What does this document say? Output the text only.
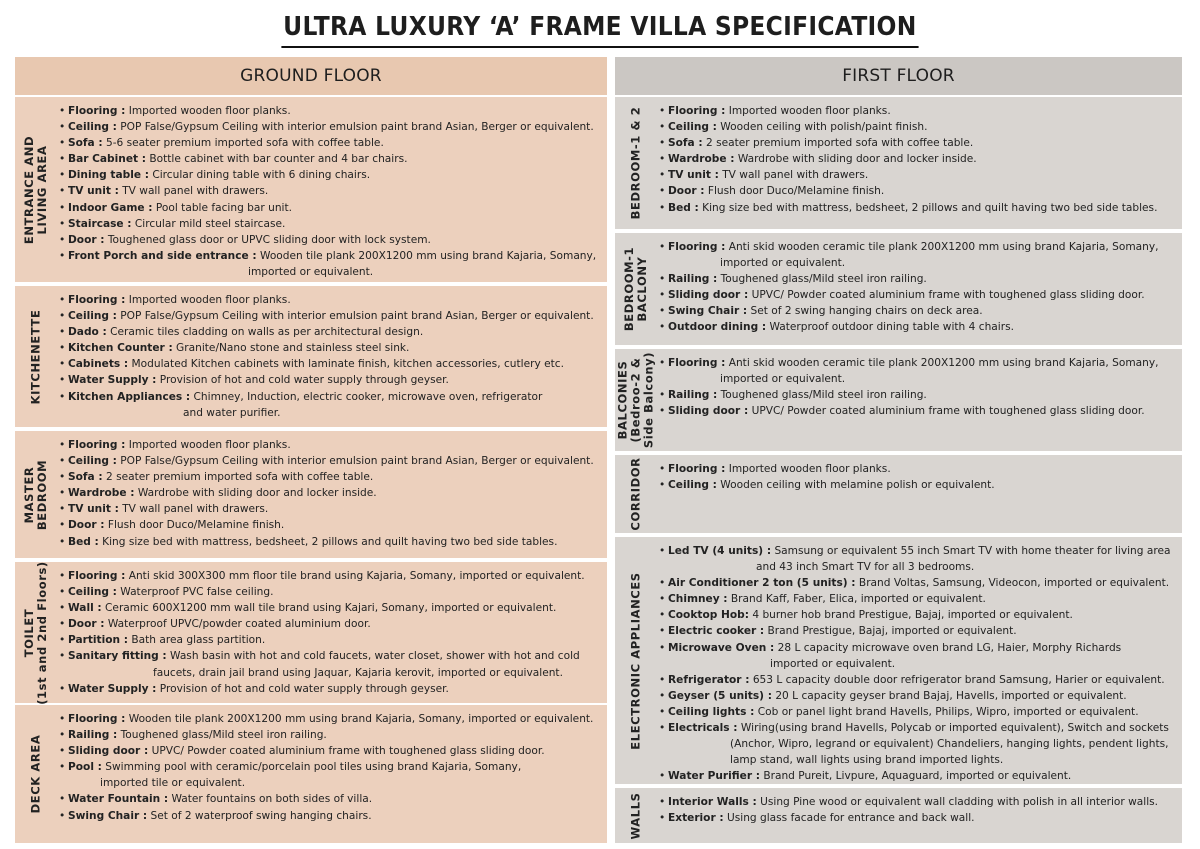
ULTRA LUXURY ‘A’ FRAME VILLA SPECIFICATION
GROUND FLOOR
ENTRANCE AND LIVING AREA
• Flooring : Imported wooden floor planks.
• Ceiling : POP False/Gypsum Ceiling with interior emulsion paint brand Asian, Berger or equivalent.
• Sofa : 5-6 seater premium imported sofa with coffee table.
• Bar Cabinet : Bottle cabinet with bar counter and 4 bar chairs.
• Dining table : Circular dining table with 6 dining chairs.
• TV unit : TV wall panel with drawers.
• Indoor Game : Pool table facing bar unit.
• Staircase : Circular mild steel staircase.
• Door : Toughened glass door or UPVC sliding door with lock system.
• Front Porch and side entrance : Wooden tile plank 200X1200 mm using brand Kajaria, Somany,
imported or equivalent.
KITCHENETTE
• Flooring : Imported wooden floor planks.
• Ceiling : POP False/Gypsum Ceiling with interior emulsion paint brand Asian, Berger or equivalent.
• Dado : Ceramic tiles cladding on walls as per architectural design.
• Kitchen Counter : Granite/Nano stone and stainless steel sink.
• Cabinets : Modulated Kitchen cabinets with laminate finish, kitchen accessories, cutlery etc.
• Water Supply : Provision of hot and cold water supply through geyser.
• Kitchen Appliances : Chimney, Induction, electric cooker, microwave oven, refrigerator
and water purifier.
MASTER BEDROOM
• Flooring : Imported wooden floor planks.
• Ceiling : POP False/Gypsum Ceiling with interior emulsion paint brand Asian, Berger or equivalent.
• Sofa : 2 seater premium imported sofa with coffee table.
• Wardrobe : Wardrobe with sliding door and locker inside.
• TV unit : TV wall panel with drawers.
• Door : Flush door Duco/Melamine finish.
• Bed : King size bed with mattress, bedsheet, 2 pillows and quilt having two bed side tables.
TOILET (1st and 2nd Floors)	• Flooring : Anti skid 300X300 mm floor tile brand using Kajaria, Somany, imported or equivalent.
• Ceiling : Waterproof PVC false ceiling.
• Wall : Ceramic 600X1200 mm wall tile brand using Kajari, Somany, imported or equivalent.
• Door : Waterproof UPVC/powder coated aluminium door.
• Partition : Bath area glass partition.
• Sanitary fitting : Wash basin with hot and cold faucets, water closet, shower with hot and cold
faucets, drain jail brand using Jaquar, Kajaria kerovit, imported or equivalent.
• Water Supply : Provision of hot and cold water supply through geyser.
DECK AREA
• Flooring : Wooden tile plank 200X1200 mm using brand Kajaria, Somany, imported or equivalent.
• Railing : Toughened glass/Mild steel iron railing.
• Sliding door : UPVC/ Powder coated aluminium frame with toughened glass sliding door.
• Pool : Swimming pool with ceramic/porcelain pool tiles using brand Kajaria, Somany,
imported tile or equivalent.
• Water Fountain : Water fountains on both sides of villa.
• Swing Chair : Set of 2 waterproof swing hanging chairs.
FIRST FLOOR
BEDROOM-1 & 2	• Flooring : Imported wooden floor planks.
• Ceiling : Wooden ceiling with polish/paint finish.
• Sofa : 2 seater premium imported sofa with coffee table.
• Wardrobe : Wardrobe with sliding door and locker inside.
• TV unit : TV wall panel with drawers.
• Door : Flush door Duco/Melamine finish.
• Bed : King size bed with mattress, bedsheet, 2 pillows and quilt having two bed side tables.
BEDROOM-1 BACLONY
• Flooring : Anti skid wooden ceramic tile plank 200X1200 mm using brand Kajaria, Somany,
imported or equivalent.
• Railing : Toughened glass/Mild steel iron railing.
• Sliding door : UPVC/ Powder coated aluminium frame with toughened glass sliding door.
• Swing Chair : Set of 2 swing hanging chairs on deck area.
• Outdoor dining : Waterproof outdoor dining table with 4 chairs.
BALCONIES (Bedroo-2 & Side Balcony)	• Flooring : Anti skid wooden ceramic tile plank 200X1200 mm using brand Kajaria, Somany,
imported or equivalent.
• Railing : Toughened glass/Mild steel iron railing.
• Sliding door : UPVC/ Powder coated aluminium frame with toughened glass sliding door.
CORRIDOR	• Flooring : Imported wooden floor planks.
• Ceiling : Wooden ceiling with melamine polish or equivalent.
ELECTRONIC APPLIANCES
• Led TV (4 units) : Samsung or equivalent 55 inch Smart TV with home theater for living area
and 43 inch Smart TV for all 3 bedrooms.
• Air Conditioner 2 ton (5 units) : Brand Voltas, Samsung, Videocon, imported or equivalent.
• Chimney : Brand Kaff, Faber, Elica, imported or equivalent.
• Cooktop Hob: 4 burner hob brand Prestigue, Bajaj, imported or equivalent.
• Electric cooker : Brand Prestigue, Bajaj, imported or equivalent.
• Microwave Oven : 28 L capacity microwave oven brand LG, Haier, Morphy Richards
imported or equivalent.
• Refrigerator : 653 L capacity double door refrigerator brand Samsung, Harier or equivalent.
• Geyser (5 units) : 20 L capacity geyser brand Bajaj, Havells, imported or equivalent.
• Ceiling lights : Cob or panel light brand Havells, Philips, Wipro, imported or equivalent.
• Electricals : Wiring(using brand Havells, Polycab or imported equivalent), Switch and sockets
(Anchor, Wipro, legrand or equivalent) Chandeliers, hanging lights, pendent lights,
lamp stand, wall lights using brand imported lights.
• Water Purifier : Brand Pureit, Livpure, Aquaguard, imported or equivalent.
WALLS	• Interior Walls : Using Pine wood or equivalent wall cladding with polish in all interior walls.
• Exterior : Using glass facade for entrance and back wall.
